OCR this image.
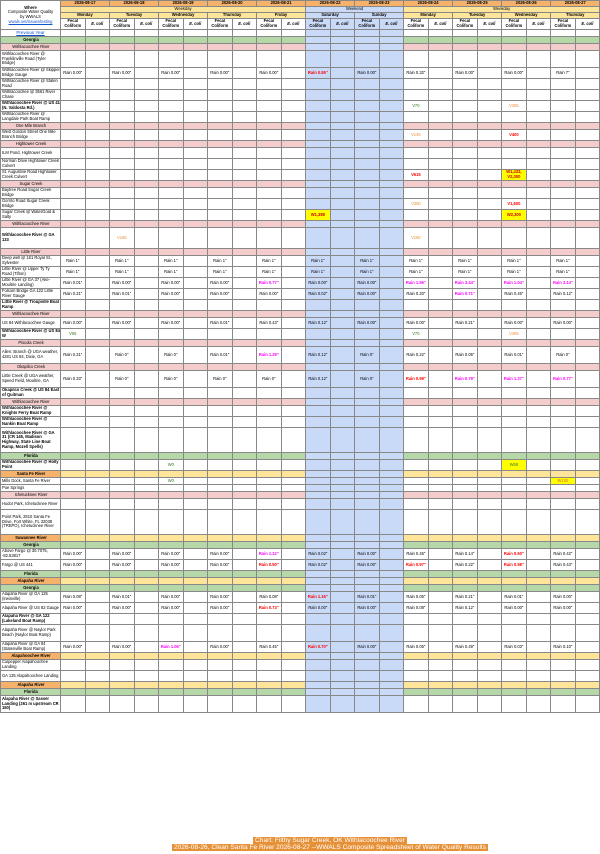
Where
Composite Water Quality
by WWALS
wwals.net/issues/testing	2026-08-17		2026-08-18		2026-08-19		2026-08-20		2026-08-21		2026-08-22		2026-08-23		2026-08-24		2026-08-25		2026-08-26		2026-08-27	
	Weekday										Weekend				Weekday							
	Monday		Tuesday		Wednesday		Thursday		Friday		Saturday		Sunday		Monday		Tuesday		Wednesday		Thursday	
	Fecal Coliform	E. coli	Fecal Coliform	E. coli	Fecal Coliform	E. coli	Fecal Coliform	E. coli	Fecal Coliform	E. coli	Fecal Coliform	E. coli	Fecal Coliform	E. coli	Fecal Coliform	E. coli	Fecal Coliform	E. coli	Fecal Coliform	E. coli	Fecal Coliform	E. coli
Previous Year																						
Georgia																						
Withlacoochee River																						
Withlacoochee River @ Franklinville Road (Tyler Bridge)																						
Withlacoochee River @ Skipper Bridge Gauge	Rain 0.00"		Rain 0.00"		Rain 0.00"		Rain 0.00"		Rain 0.00"		Rain 0.55"		Rain 0.00"		Rain 0.32"		Rain 0.00"		Rain 0.00"		Rain 7"	
Withlacoochee River @ Staten Road																						
Withlacoochee @ 3561 River Chase																						
Withlacoochee River @ US 41 (N. Valdosta Rd.)															V70				V365			
Withlacoochee River @ Langdale Park Boat Ramp																						
One Mile Branch																						
West Gordon Street One Mile Branch Bridge															V145				V400			
Hightower Creek																						
ILM Pond, Hightower Creek																						
Norman Drive Hightower Creek Culvert																						
St. Augustine Road Hightower Creek Culvert															V615				W1,433, V2,300			
Sugar Creek																						
Baytree Road Sugar Creek Bridge																						
Gornto Road Sugar Creek Bridge															V300				V1,600			
Sugar Creek @ WaterGoat & Salty											W1,388								W2,300			
Withlacoochee River																						
Withlacoochee River @ GA 133			V165												V160							
Little River																						
Deep well @ 161 Royal St., Sylvester	Rain 1"		Rain 1"		Rain 1"		Rain 1"		Rain 1"		Rain 1"		Rain 1"		Rain 1"		Rain 1"		Rain 1"		Rain 1"	
Little River @ Upper Ty Ty Road (Tifton)	Rain 1"		Rain 1"		Rain 1"		Rain 1"		Rain 1"		Rain 1"		Rain 1"		Rain 1"		Rain 1"		Rain 1"		Rain 1"	
Little River @ GA 37 (Ake-Moultrie Landing)	Rain 0.01"		Rain 0.00"		Rain 0.00"		Rain 0.00"		Rain 0.77"		Rain 0.00"		Rain 0.00"		Rain 1.56"		Rain 3.44"		Rain 1.04"		Rain 3.14"	
Folsom Bridge GA 122 Little River Gauge	Rain 0.21"		Rain 0.01"		Rain 0.00"		Rain 0.00"		Rain 0.00"		Rain 0.02"		Rain 0.00"		Rain 0.20"		Rain 0.71"		Rain 0.46"		Rain 0.12"	
Little River @ Troupville Boat Ramp																						
Withlacoochee River																						
US 84 Withlacoochee Gauge	Rain 0.00"		Rain 0.00"		Rain 0.00"		Rain 0.01"		Rain 0.43"		Rain 0.12"		Rain 0.00"		Rain 0.00"		Rain 0.21"		Rain 0.00"		Rain 0.00"	
Withlacoochee River @ US 84 W	V65														V70				V365			
Piscola Creek																						
Allen: Branch @ UGA weather, 4281 US 84, Dixie, GA	Rain 0.21"		Rain 0"		Rain 0"		Rain 0.01"		Rain 1.29"		Rain 0.12"		Rain 0"		Rain 0.22"		Rain 0.05"		Rain 0.01"		Rain 0"	
Okapilco Creek																						
Little Creek @ UGA weather, Speed Field, Moultrie, GA	Rain 0.33"		Rain 0"		Rain 0"		Rain 0"		Rain 0"		Rain 0.12"		Rain 0"		Rain 0.99"		Rain 0.79"		Rain 1.37"		Rain 0.77"	
Okapilco Creek @ US 84 East of Quitman																						
Withlacoochee River																						
Withlacoochee River @ Knights Ferry Boat Ramp																						
Withlacoochee River @ Nankin Boat Ramp																						
Withlacoochee River @ GA 31 (CR 145, Madison Highway, State Line Boat Ramp, Mozell Spells)																						
Florida																						
Withlacoochee River @ Holly Point					W0														W68			
Santa Fe River																						
Mills Dock, Santa Fe River					W0																W100	
Poe Springs																						
Ichetucknee River																						
Hodor Park, Ichetucknee River																						
Point Park, 2810 Santa Fe Drive, Fort White, FL 32038 (TREPO), Ichetucknee River																						
Suwannee River																						
Georgia																						
Above Fargo @ 30.7075, -82.53817	Rain 0.00"		Rain 0.00"		Rain 0.00"		Rain 0.00"		Rain 1.12"		Rain 0.02"		Rain 0.00"		Rain 0.45"		Rain 0.14"		Rain 0.60"		Rain 0.42"	
Fargo @ US 441	Rain 0.00"		Rain 0.00"		Rain 0.00"		Rain 0.00"		Rain 0.50"		Rain 0.02"		Rain 0.00"		Rain 0.97"		Rain 0.22"		Rain 0.58"		Rain 0.43"	
Florida																						
Alapaha River																						
Georgia																						
Alapaha River @ GA 125 (Irwinville)	Rain 0.08"		Rain 0.01"		Rain 0.00"		Rain 0.00"		Rain 0.08"		Rain 1.16"		Rain 0.01"		Rain 0.05"		Rain 0.21"		Rain 0.01"		Rain 0.00"	
Alapaha River @ US 82 Gauge	Rain 0.00"		Rain 0.00"		Rain 0.00"		Rain 0.00"		Rain 0.73"		Rain 0.00"		Rain 0.00"		Rain 0.08"		Rain 0.12"		Rain 0.00"		Rain 0.00"	
Alapaha River @ GA 122 (Lakeland Boat Ramp)																						
Alapaha River @ Naylor Park Beach (Naylor Boat Ramp)																						
Alapaha River @ GA 94 (Statenville Boat Ramp)	Rain 0.00"		Rain 0.00"		Rain 1.06"		Rain 0.00"		Rain 0.45"		Rain 0.70"		Rain 0.00"		Rain 0.05"		Rain 0.49"		Rain 0.03"		Rain 0.10"	
Alapahoochee River																						
Culpepper Alapahoochee Landing																						
GA 135 Alapahoochee Landing																						
Alapaha River																						
Florida																						
Alapaha River @ Sasser Landing (261 m upstream CR 150)																						
Chart: Filthy Sugar Creek, OK Withlacoochee River
2026-08-26, Clean Santa Fe River 2026-08-27 --WWALS Composite Spreadsheet of Water Quality Results
